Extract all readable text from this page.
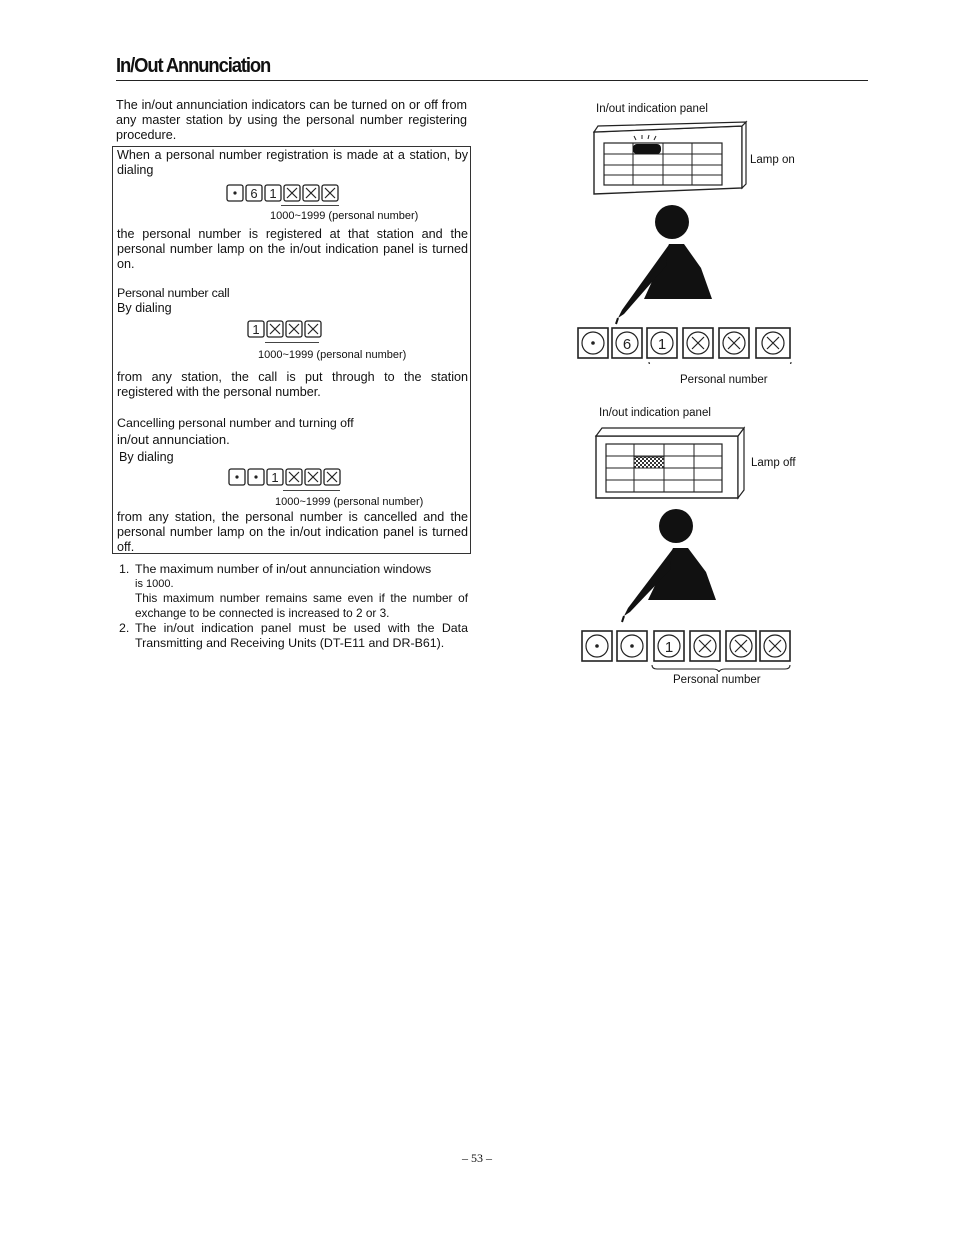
In/Out Annunciation
The in/out annunciation indicators can be turned on or off from any master station by using the personal number registering procedure.
When a personal number registration is made at a station, by dialing
6 1
1000~1999 (personal number)
the personal number is registered at that station and the personal number lamp on the in/out indication panel is turned on.
Personal number call
By dialing
1
1000~1999 (personal number)
from any station, the call is put through to the station registered with the personal number.
Cancelling personal number and turning off
in/out annunciation.
By dialing
1
1000~1999 (personal number)
from any station, the personal number is cancelled and the personal number lamp on the in/out indication panel is turned off.
1. The maximum number of in/out annunciation windows
is 1000.
This maximum number remains same even if the number of exchange to be connected is increased to 2 or 3.
2. The in/out indication panel must be used with the Data Transmitting and Receiving Units (DT-E11 and DR-B61).
In/out indication panel
Lamp on
6 1
Personal number
In/out indication panel
Lamp off
1
Personal number
– 53 –
